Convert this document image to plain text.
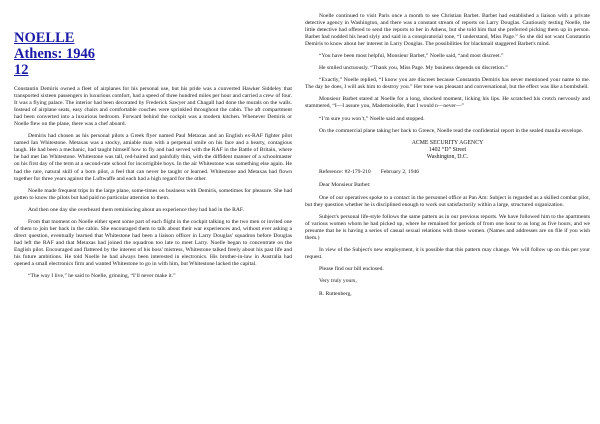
NOELLE
Athens: 1946
12

Constantin Demiris owned a fleet of airplanes for his personal use, but his pride was a converted Hawker Siddeley that transported sixteen passengers in luxurious comfort, had a speed of three hundred miles per hour and carried a crew of four. It was a flying palace. The interior had been decorated by Frederick Sawyer and Chagall had done the murals on the walls. Instead of airplane seats, easy chairs and comfortable couches were sprinkled throughout the cabin. The aft compartment had been converted into a luxurious bedroom. Forward behind the cockpit was a modern kitchen. Whenever Demiris or Noelle flew on the plane, there was a chef aboard.

Demiris had chosen as his personal pilots a Greek flyer named Paul Metaxas and an English ex-RAF fighter pilot named Ian Whitestone. Metaxas was a stocky, amiable man with a perpetual smile on his face and a hearty, contagious laugh. He had been a mechanic, had taught himself how to fly and had served with the RAF in the Battle of Britain, where he had met Ian Whitestone. Whitestone was tall, red-haired and painfully thin, with the diffident manner of a schoolmaster on his first day of the term at a second-rate school for incorrigible boys. In the air Whitestone was something else again. He had the rare, natural skill of a born pilot, a feel that can never be taught or learned. Whitestone and Metaxas had flown together for three years against the Luftwaffe and each had a high regard for the other.

Noelle made frequent trips in the large plane, some-times on business with Demiris, sometimes for pleasure. She had gotten to know the pilots but had paid no particular attention to them.

And then one day she overheard them reminiscing about an experience they had had in the RAF.

From that moment on Noelle either spent some part of each flight in the cockpit talking to the two men or invited one of them to join her back in the cabin. She encouraged them to talk about their war experiences and, without ever asking a direct question, eventually learned that Whitestone had been a liaison officer in Larry Douglas' squadron before Douglas had left the RAF and that Metaxas had joined the squadron too late to meet Larry. Noelle began to concentrate on the English pilot. Encouraged and flattered by the interest of his boss' mistress, Whitestone talked freely about his past life and his future ambitions. He told Noelle he had always been interested in electronics. His brother-in-law in Australia had opened a small electronics firm and wanted Whitestone to go in with him, but Whitestone lacked the capital.

“The way I live,” he said to Noelle, grinning, “I’ll never make it.”

Noelle continued to visit Paris once a month to see Christian Barbet. Barbet had established a liaison with a private detective agency in Washington, and there was a constant stream of reports on Larry Douglas. Cautiously testing Noelle, the little detective had offered to send the reports to her in Athens, but she told him that she preferred picking them up in person. Barbet had nodded his head slyly and said in a conspiratorial tone, “I understand, Miss Page.” So she did not want Constantin Demiris to know about her interest in Larry Douglas. The possibilities for blackmail staggered Barbet's mind.

“You have been most helpful, Monsieur Barbet,” Noelle said, “and most discreet.”

He smiled unctuously. “Thank you, Miss Page. My business depends on discretion.”

“Exactly,” Noelle replied, “I know you are discreet because Constantin Demiris has never mentioned your name to me. The day he does, I will ask him to destroy you.” Her tone was pleasant and conversational, but the effect was like a bombshell.

Monsieur Barbet stared at Noelle for a long, shocked moment, licking his lips. He scratched his crotch nervously and stammered, “I—I assure you, Mademoiselle, that I would n—never—”

“I’m sure you won’t,” Noelle said and stopped.

On the commercial plane taking her back to Greece, Noelle read the confidential report in the sealed manila envelope.

ACME SECURITY AGENCY
1402 “D” Street
Washington, D.C.
Reference: #2-179-210 February 2, 1946
Dear Monsieur Barbet:

One of our operatives spoke to a contact in the personnel office at Pan Am: Subject is regarded as a skilled combat pilot, but they question whether he is disciplined enough to work out satisfactorily within a large, structured organization.

Subject's personal life-style follows the same pattern as in our previous reports. We have followed him to the apartments of various women whom he had picked up, where he remained for periods of from one hour to as long as five hours, and we presume that he is having a series of casual sexual relations with those women. (Names and addresses are on file if you wish them.)

In view of the Subject's new employment, it is possible that this pattern may change. We will follow up on this per your request.

Please find our bill enclosed.

Very truly yours,
R. Ruttenberg,
